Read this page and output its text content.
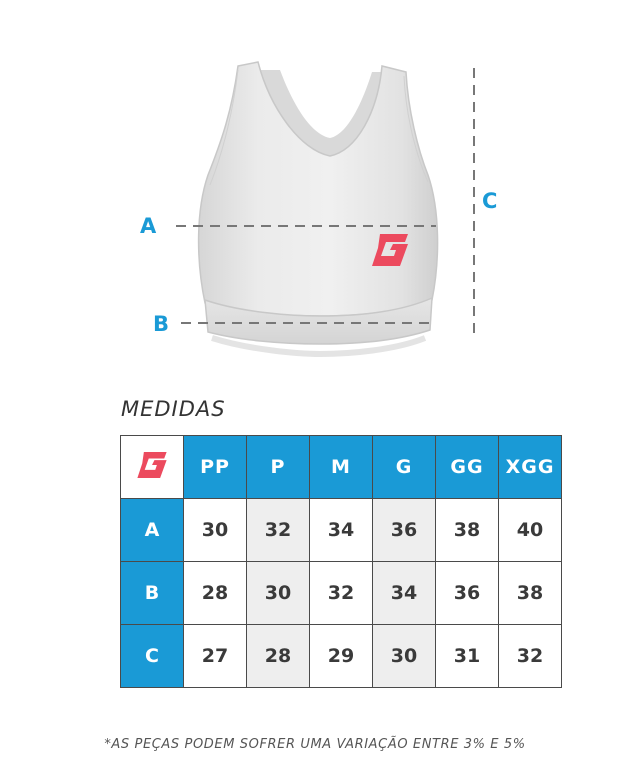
A
B
C
MEDIDAS
	PP	P	M	G	GG	XGG
A	30	32	34	36	38	40
B	28	30	32	34	36	38
C	27	28	29	30	31	32
*AS PEÇAS PODEM SOFRER UMA VARIAÇÃO ENTRE 3% E 5%
